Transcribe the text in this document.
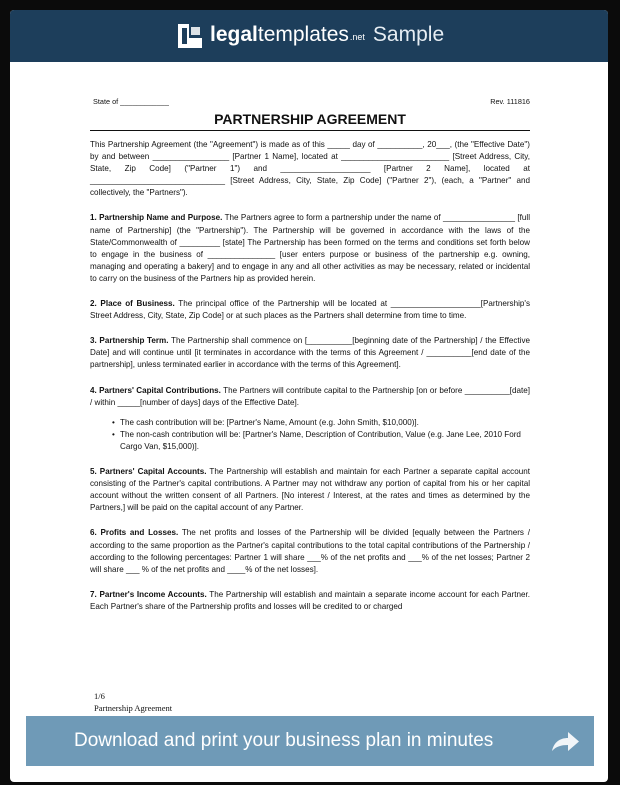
legaltemplates$^{.net}$ Sample
State of ____________	Rev. 111816
PARTNERSHIP AGREEMENT

This Partnership Agreement (the "Agreement") is made as of this _____ day of __________, 20___, (the "Effective Date") by and between _________________ [Partner 1 Name], located at ________________________ [Street Address, City, State, Zip Code] ("Partner 1") and ____________________ [Partner 2 Name], located at ______________________________ [Street Address, City, State, Zip Code] ("Partner 2"), (each, a "Partner" and collectively, the "Partners").

1. Partnership Name and Purpose. The Partners agree to form a partnership under the name of ________________ [full name of Partnership] (the "Partnership"). The Partnership will be governed in accordance with the laws of the State/Commonwealth of _________ [state] The Partnership has been formed on the terms and conditions set forth below to engage in the business of _______________ [user enters purpose or business of the partnership e.g. owning, managing and operating a bakery] and to engage in any and all other activities as may be necessary, related or incidental to carry on the business of the Partners hip as provided herein.

2. Place of Business. The principal office of the Partnership will be located at ____________________[Partnership's Street Address, City, State, Zip Code] or at such places as the Partners shall determine from time to time.

3. Partnership Term. The Partnership shall commence on [__________[beginning date of the Partnership] / the Effective Date] and will continue until [it terminates in accordance with the terms of this Agreement / __________[end date of the partnership], unless terminated earlier in accordance with the terms of this Agreement].

4. Partners' Capital Contributions. The Partners will contribute capital to the Partnership [on or before __________[date] / within _____[number of days] days of the Effective Date].

• The cash contribution will be: [Partner's Name, Amount (e.g. John Smith, $10,000)].
• The non-cash contribution will be: [Partner's Name, Description of Contribution, Value (e.g. Jane Lee, 2010 Ford Cargo Van, $15,000)].

5. Partners' Capital Accounts. The Partnership will establish and maintain for each Partner a separate capital account consisting of the Partner's capital contributions. A Partner may not withdraw any portion of capital from his or her capital account without the written consent of all Partners. [No interest / Interest, at the rates and times as determined by the Partners,] will be paid on the capital account of any Partner.

6. Profits and Losses. The net profits and losses of the Partnership will be divided [equally between the Partners / according to the same proportion as the Partner's capital contributions to the total capital contributions of the Partnership / according to the following percentages: Partner 1 will share ___% of the net profits and ___% of the net losses; Partner 2 will share ___ % of the net profits and ____% of the net losses].

7. Partner's Income Accounts. The Partnership will establish and maintain a separate income account for each Partner. Each Partner's share of the Partnership profits and losses will be credited to or charged

1/6
Partnership Agreement
Download and print your business plan in minutes
